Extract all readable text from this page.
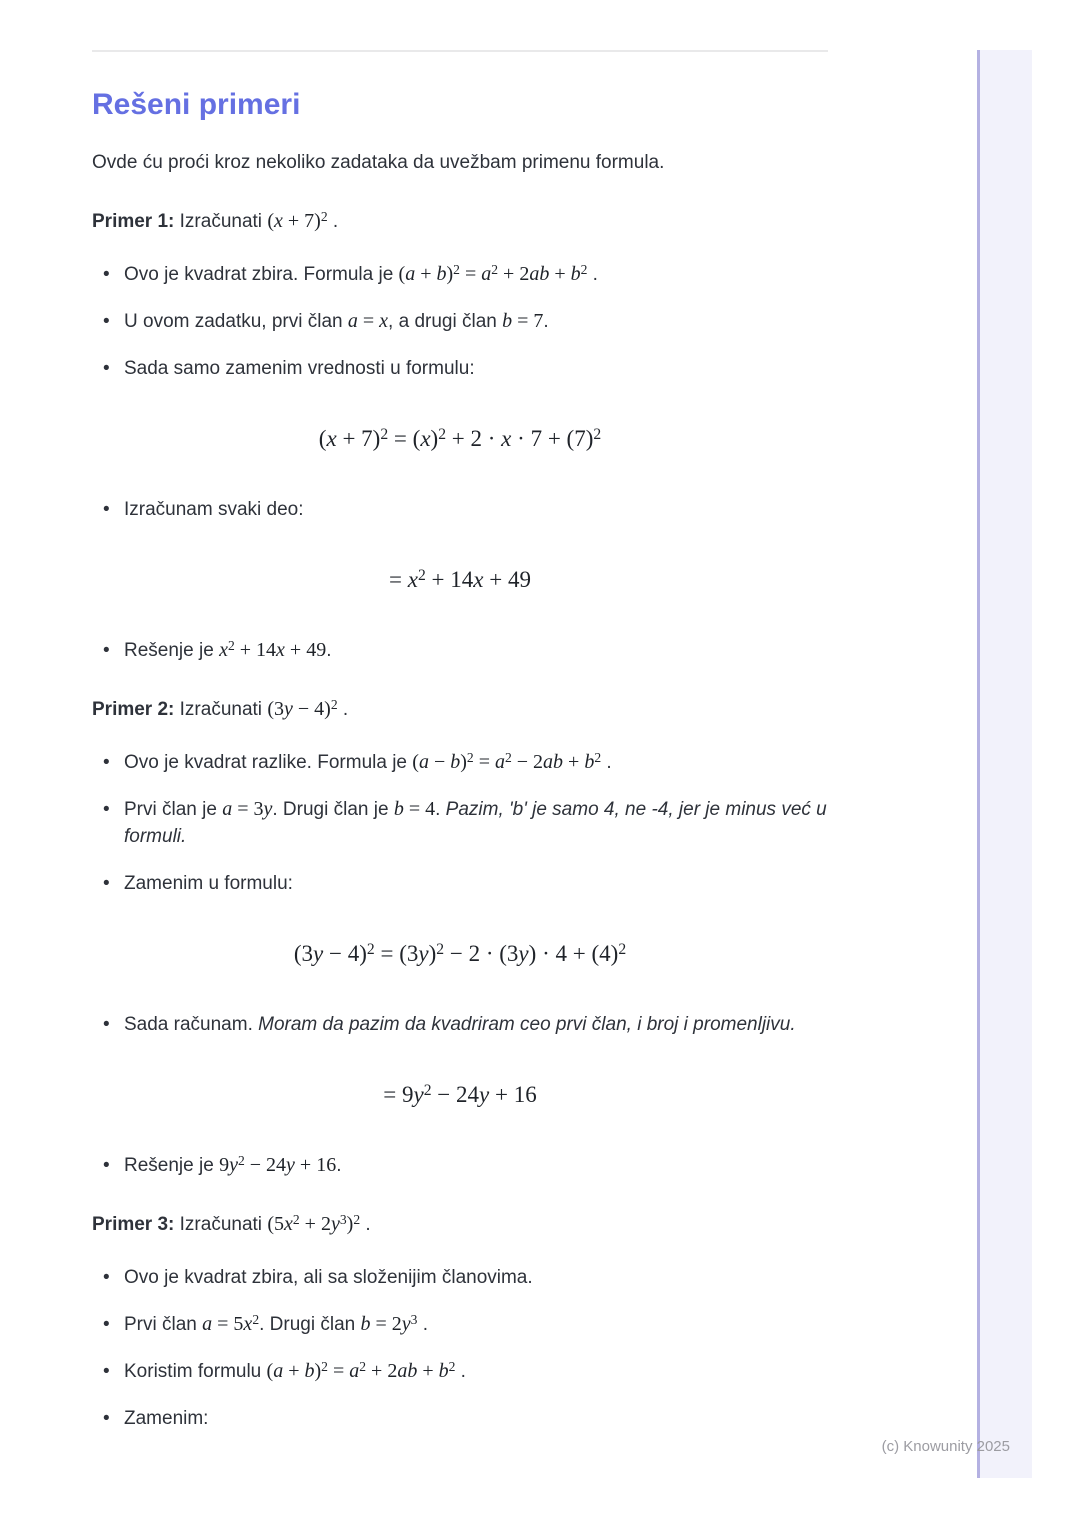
Rešeni primeri

Ovde ću proći kroz nekoliko zadataka da uvežbam primenu formula.

Primer 1: Izračunati $(x + 7)^2$ .
• Ovo je kvadrat zbira. Formula je $(a + b)^2 = a^2 + 2ab + b^2$ .
• U ovom zadatku, prvi član a = x, a drugi član b = 7.
• Sada samo zamenim vrednosti u formulu:
$(x + 7)^2 = (x)^2 + 2 \cdot x \cdot 7 + (7)^2$
• Izračunam svaki deo:
= $x^2 + 14x + 49$
• Rešenje je $x^2 + 14x + 49$.
Primer 2: Izračunati $(3y - 4)^2$ .
• Ovo je kvadrat razlike. Formula je $(a - b)^2 = a^2 - 2ab + b^2$ .
• Prvi član je a = 3y. Drugi član je b = 4. Pazim, 'b' je samo 4, ne -4, jer je minus već u formuli.
• Zamenim u formulu:
$(3y - 4)^2 = (3y)^2 - 2 \cdot (3y) \cdot 4 + (4)^2$
• Sada računam. Moram da pazim da kvadriram ceo prvi član, i broj i promenljivu.
= $9y^2 - 24y + 16$
• Rešenje je $9y^2 - 24y + 16$.
Primer 3: Izračunati $(5x^2 + 2y^3)^2$ .
• Ovo je kvadrat zbira, ali sa složenijim članovima.
• Prvi član $a = 5x^2$. Drugi član $b = 2y^3$ .
• Koristim formulu $(a + b)^2 = a^2 + 2ab + b^2$ .
• Zamenim:
(c) Knowunity 2025
